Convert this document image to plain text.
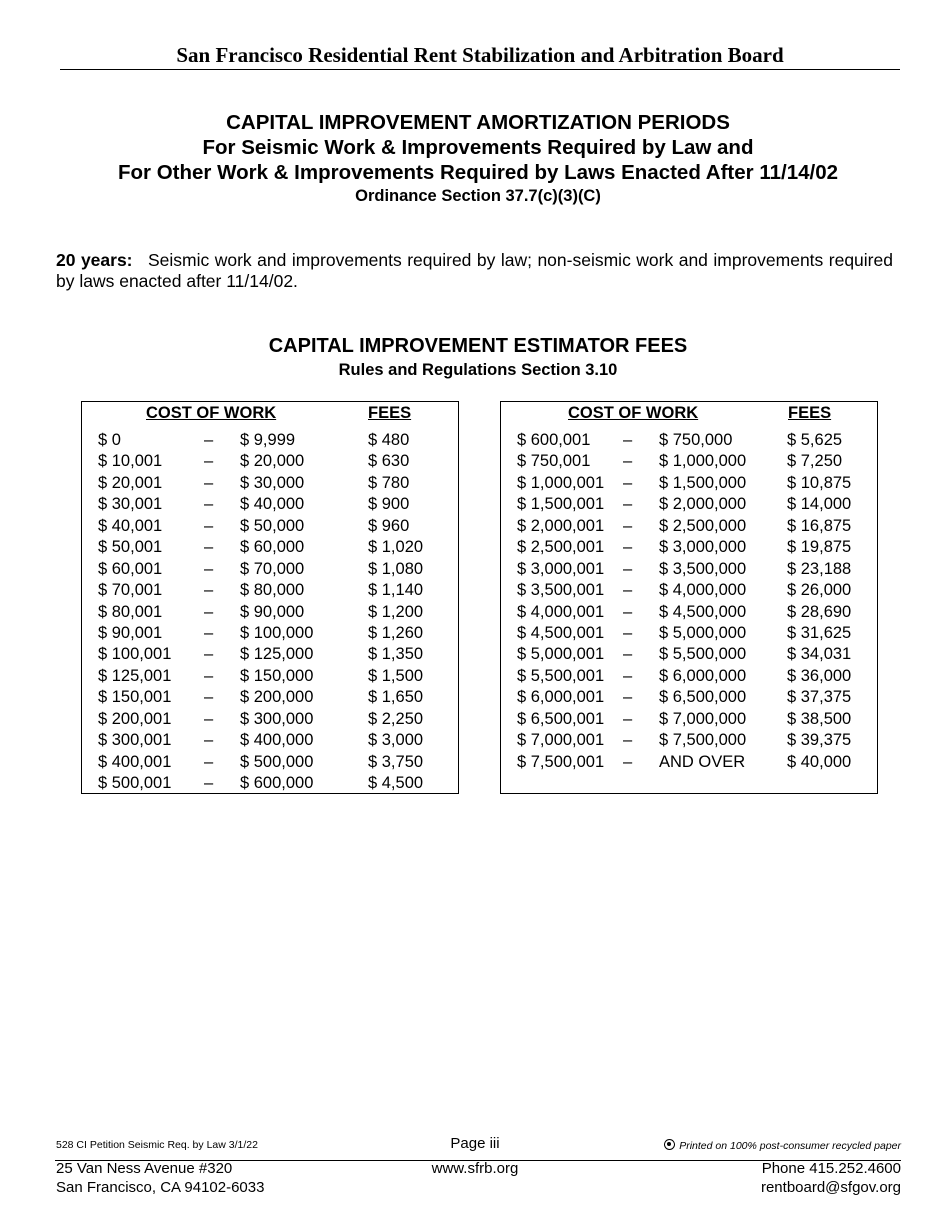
San Francisco Residential Rent Stabilization and Arbitration Board
CAPITAL IMPROVEMENT AMORTIZATION PERIODS
For Seismic Work & Improvements Required by Law and
For Other Work & Improvements Required by Laws Enacted After 11/14/02
Ordinance Section 37.7(c)(3)(C)
20 years: Seismic work and improvements required by law; non-seismic work and improvements required by laws enacted after 11/14/02.
CAPITAL IMPROVEMENT ESTIMATOR FEES
Rules and Regulations Section 3.10
COST OF WORK	FEES
$ 0	– $ 9,999	$ 480
$ 10,001	– $ 20,000	$ 630
$ 20,001	– $ 30,000	$ 780
$ 30,001	– $ 40,000	$ 900
$ 40,001	– $ 50,000	$ 960
$ 50,001	– $ 60,000	$ 1,020
$ 60,001	– $ 70,000	$ 1,080
$ 70,001	– $ 80,000	$ 1,140
$ 80,001	– $ 90,000	$ 1,200
$ 90,001	– $ 100,000	$ 1,260
$ 100,001 – $ 125,000	$ 1,350
$ 125,001 – $ 150,000	$ 1,500
$ 150,001 – $ 200,000	$ 1,650
$ 200,001 – $ 300,000	$ 2,250
$ 300,001 – $ 400,000	$ 3,000
$ 400,001 – $ 500,000	$ 3,750
$ 500,001 – $ 600,000	$ 4,500
COST OF WORK	FEES
$ 600,001 – $ 750,000	$ 5,625
$ 750,001 – $ 1,000,000 $ 7,250
$ 1,000,001 – $ 1,500,000 $ 10,875
$ 1,500,001 – $ 2,000,000 $ 14,000
$ 2,000,001 – $ 2,500,000 $ 16,875
$ 2,500,001 – $ 3,000,000 $ 19,875
$ 3,000,001 – $ 3,500,000 $ 23,188
$ 3,500,001 – $ 4,000,000 $ 26,000
$ 4,000,001 – $ 4,500,000 $ 28,690
$ 4,500,001 – $ 5,000,000 $ 31,625
$ 5,000,001 – $ 5,500,000 $ 34,031
$ 5,500,001 – $ 6,000,000 $ 36,000
$ 6,000,001 – $ 6,500,000 $ 37,375
$ 6,500,001 – $ 7,000,000 $ 38,500
$ 7,000,001 – $ 7,500,000 $ 39,375
$ 7,500,001 – AND OVER	$ 40,000
528 CI Petition Seismic Req. by Law 3/1/22	Page iii	Printed on 100% post-consumer recycled paper
25 Van Ness Avenue #320
San Francisco, CA 94102-6033
www.sfrb.org	Phone 415.252.4600
rentboard@sfgov.org
